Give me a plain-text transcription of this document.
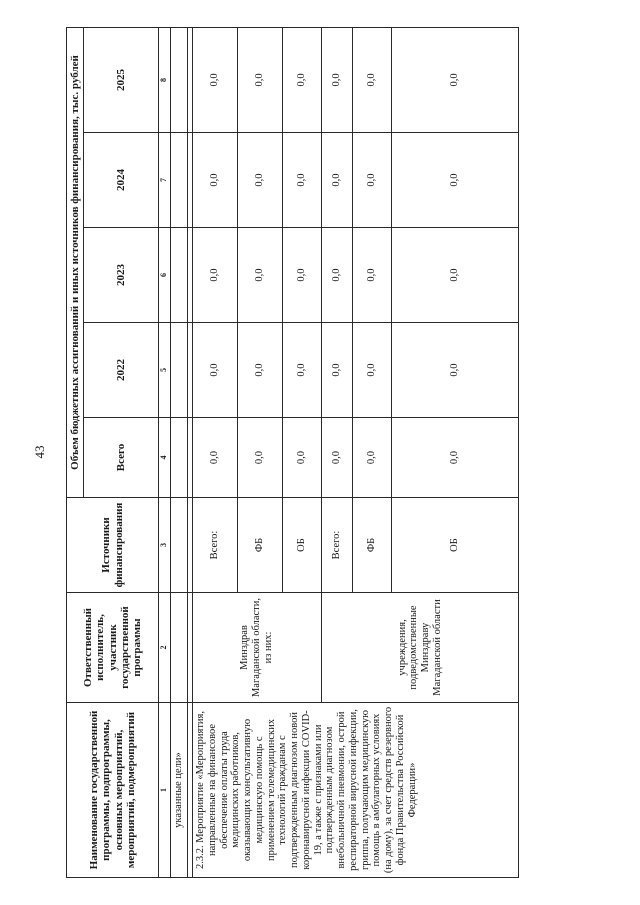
43
Наименование государственной программы, подпрограммы, основных мероприятий, мероприятий, подмероприятий	Ответственный исполнитель, участник государственной программы	Источники финансирования	Объем бюджетных ассигнований и иных источников финансирования, тыс. рублей				
			Всего	2022	2023	2024	2025
1	2	3	4	5	6	7	8
указанные цели»							

2.3.2. Мероприятие «Мероприятия, направленные на финансовое обеспечение оплаты труда медицинских работников, оказывающих консультативную медицинскую помощь с применением телемедицинских технологий гражданам с подтвержденным диагнозом новой коронавирусной инфекции COVID-19, а также с признаками или подтвержденным диагнозом внебольничной пневмонии, острой респираторной вирусной инфекции, гриппа, получающим медицинскую помощь в амбулаторных условиях (на дому), за счет средств резервного фонда Правительства Российской Федерации»	Минздрав Магаданской области, из них:	Всего:	0,0	0,0	0,0	0,0	0,0
		ФБ	0,0	0,0	0,0	0,0	0,0
		ОБ	0,0	0,0	0,0	0,0	0,0
	учреждения, подведомственные Минздраву Магаданской области	Всего:	0,0	0,0	0,0	0,0	0,0
		ФБ	0,0	0,0	0,0	0,0	0,0
		ОБ	0,0	0,0	0,0	0,0	0,0
